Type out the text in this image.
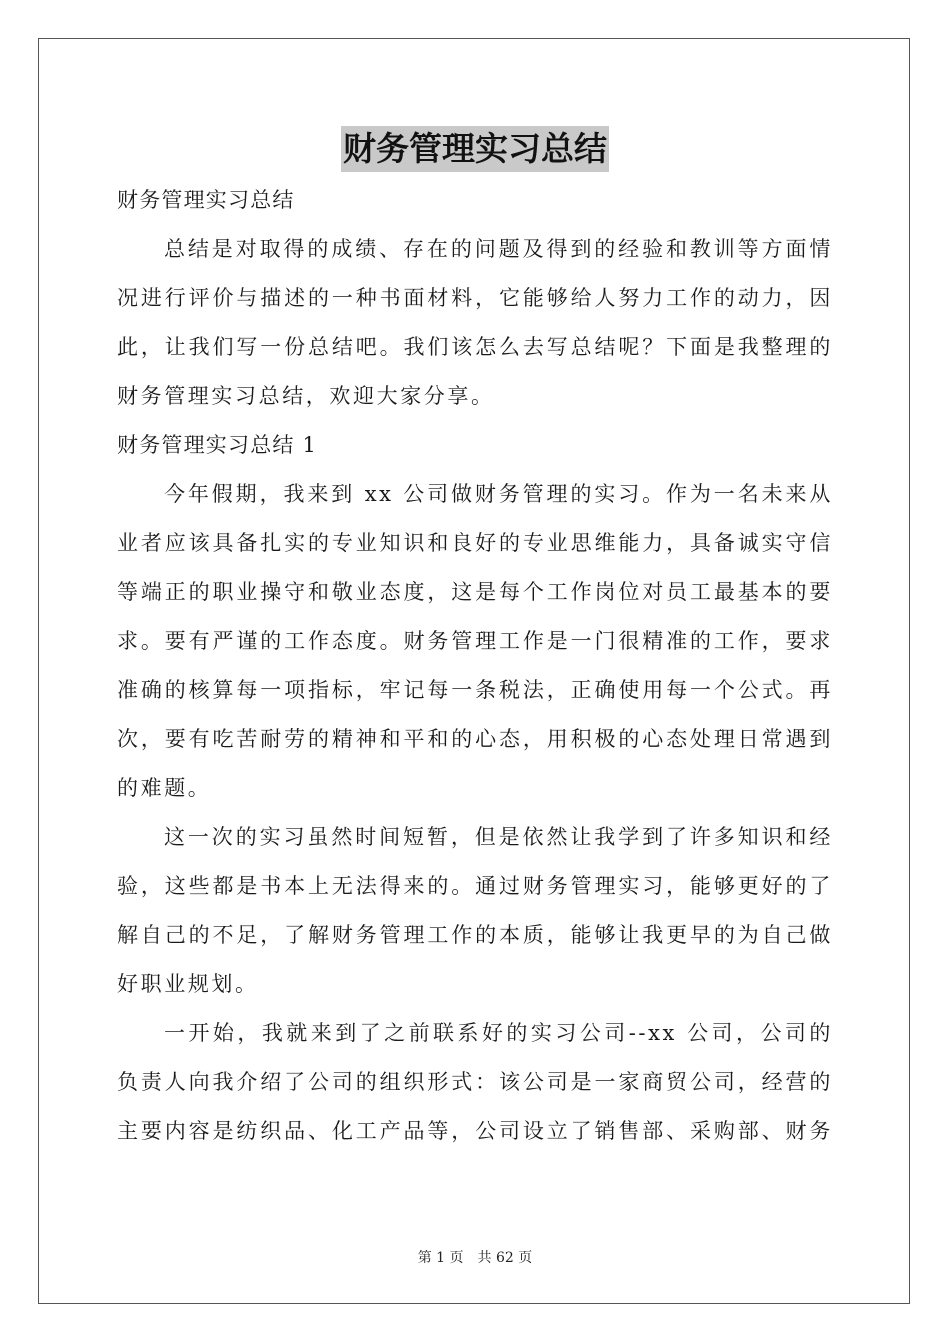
财务管理实习总结
财务管理实习总结
总结是对取得的成绩、存在的问题及得到的经验和教训等方面情
况进行评价与描述的一种书面材料，它能够给人努力工作的动力，因
此，让我们写一份总结吧。我们该怎么去写总结呢？下面是我整理的
财务管理实习总结，欢迎大家分享。
财务管理实习总结 1
今年假期，我来到 xx 公司做财务管理的实习。作为一名未来从
业者应该具备扎实的专业知识和良好的专业思维能力，具备诚实守信
等端正的职业操守和敬业态度，这是每个工作岗位对员工最基本的要
求。要有严谨的工作态度。财务管理工作是一门很精准的工作，要求
准确的核算每一项指标，牢记每一条税法，正确使用每一个公式。再
次，要有吃苦耐劳的精神和平和的心态，用积极的心态处理日常遇到
的难题。
这一次的实习虽然时间短暂，但是依然让我学到了许多知识和经
验，这些都是书本上无法得来的。通过财务管理实习，能够更好的了
解自己的不足，了解财务管理工作的本质，能够让我更早的为自己做
好职业规划。
一开始，我就来到了之前联系好的实习公司--xx 公司，公司的
负责人向我介绍了公司的组织形式：该公司是一家商贸公司，经营的
主要内容是纺织品、化工产品等，公司设立了销售部、采购部、财务
第 1 页 共 62 页
